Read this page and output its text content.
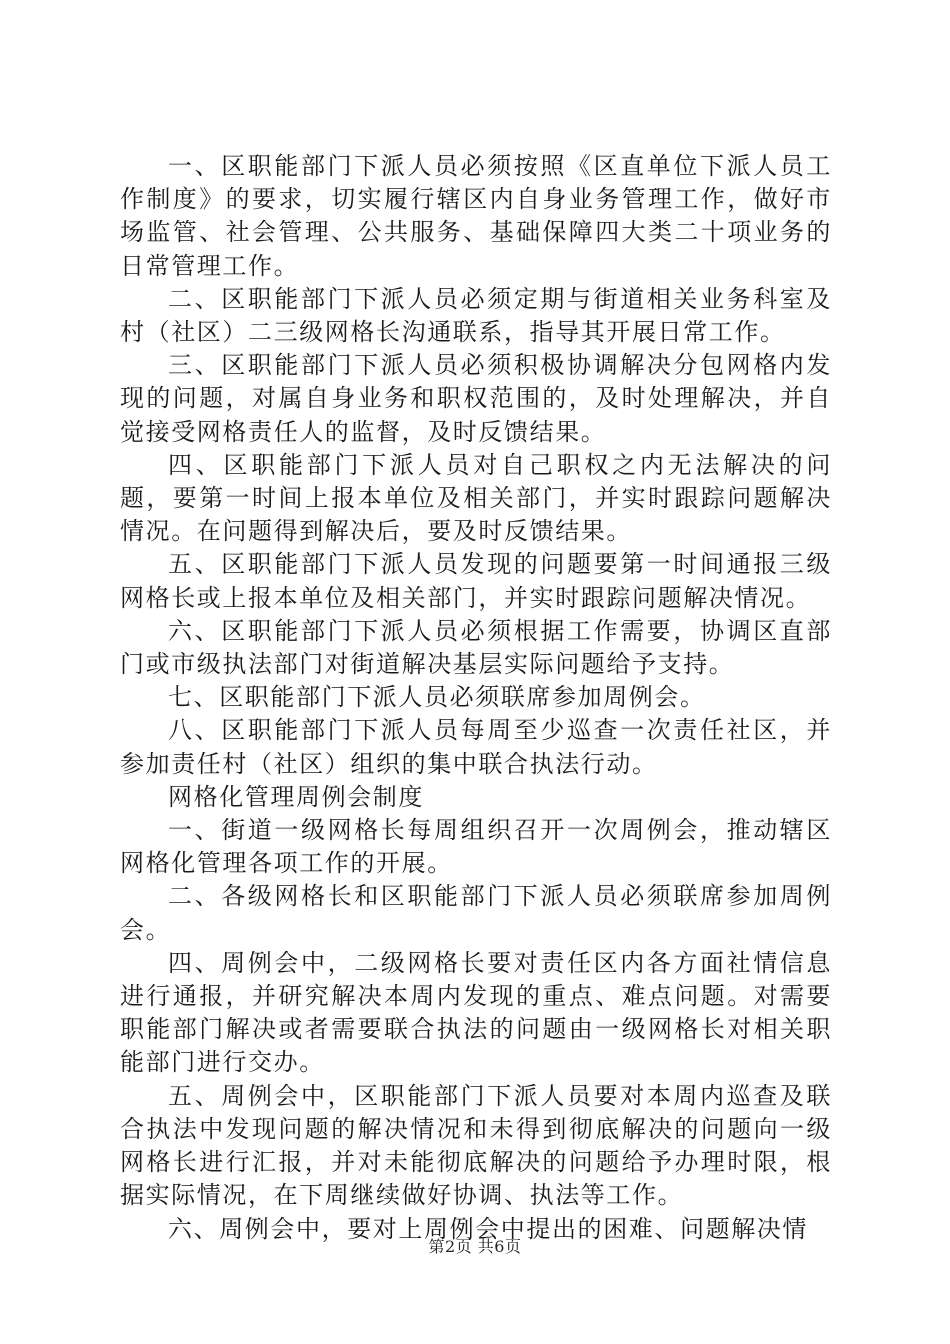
一、区职能部门下派人员必须按照《区直单位下派人员工作制度》的要求，切实履行辖区内自身业务管理工作，做好市场监管、社会管理、公共服务、基础保障四大类二十项业务的日常管理工作。

二、区职能部门下派人员必须定期与街道相关业务科室及村（社区）二三级网格长沟通联系，指导其开展日常工作。

三、区职能部门下派人员必须积极协调解决分包网格内发现的问题，对属自身业务和职权范围的，及时处理解决，并自觉接受网格责任人的监督，及时反馈结果。

四、区职能部门下派人员对自己职权之内无法解决的问题，要第一时间上报本单位及相关部门，并实时跟踪问题解决情况。在问题得到解决后，要及时反馈结果。

五、区职能部门下派人员发现的问题要第一时间通报三级网格长或上报本单位及相关部门，并实时跟踪问题解决情况。

六、区职能部门下派人员必须根据工作需要，协调区直部门或市级执法部门对街道解决基层实际问题给予支持。

七、区职能部门下派人员必须联席参加周例会。

八、区职能部门下派人员每周至少巡查一次责任社区，并参加责任村（社区）组织的集中联合执法行动。

网格化管理周例会制度

一、街道一级网格长每周组织召开一次周例会，推动辖区网格化管理各项工作的开展。

二、各级网格长和区职能部门下派人员必须联席参加周例会。

四、周例会中，二级网格长要对责任区内各方面社情信息进行通报，并研究解决本周内发现的重点、难点问题。对需要职能部门解决或者需要联合执法的问题由一级网格长对相关职能部门进行交办。

五、周例会中，区职能部门下派人员要对本周内巡查及联合执法中发现问题的解决情况和未得到彻底解决的问题向一级网格长进行汇报，并对未能彻底解决的问题给予办理时限，根据实际情况，在下周继续做好协调、执法等工作。

六、周例会中，要对上周例会中提出的困难、问题解决情

第2页 共6页
